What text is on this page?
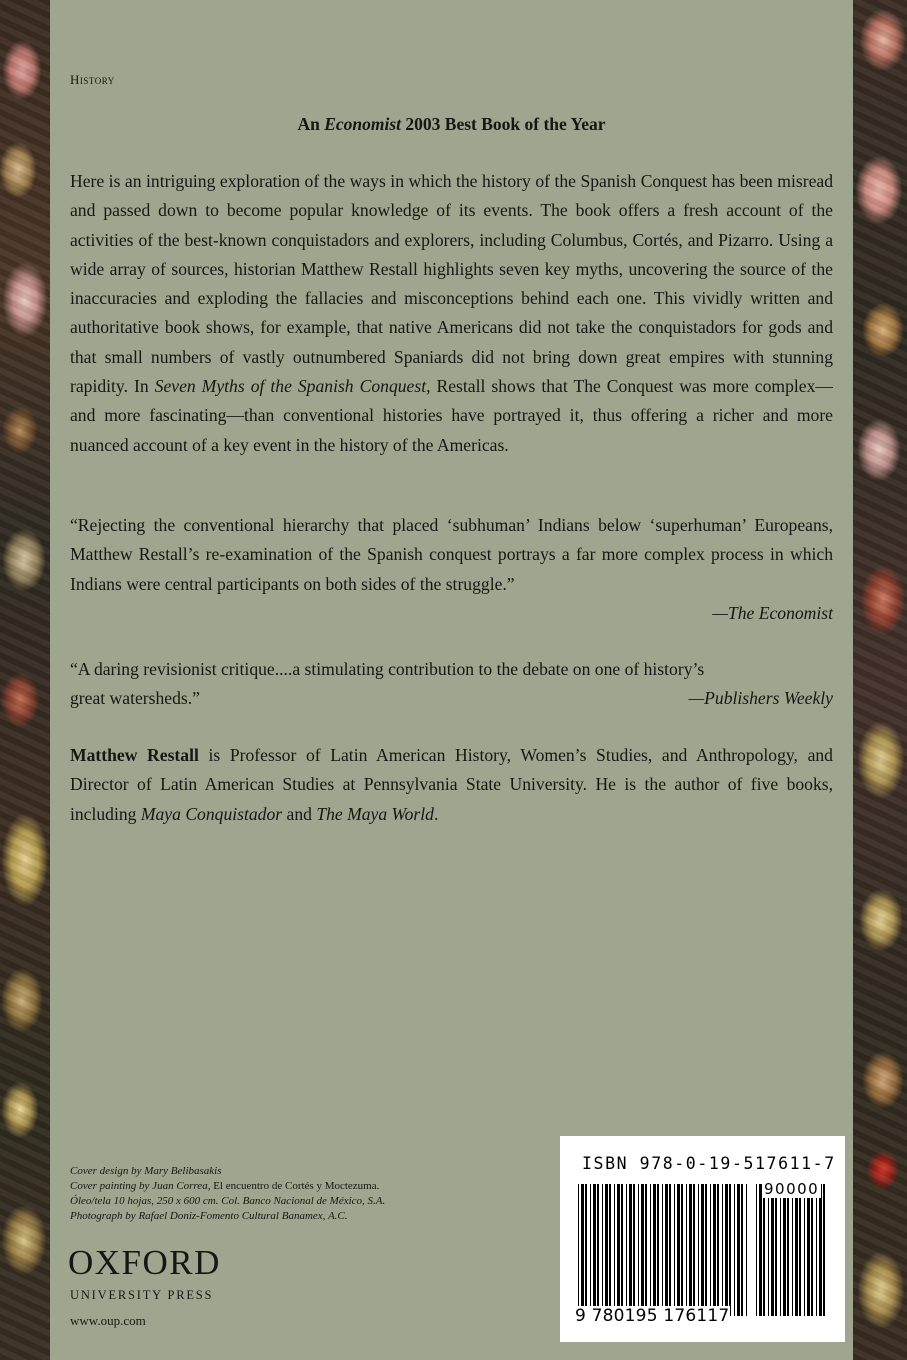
History
An Economist 2003 Best Book of the Year
Here is an intriguing exploration of the ways in which the history of the Spanish Conquest has been misread and passed down to become popular knowledge of its events. The book offers a fresh account of the activities of the best-known conquistadors and explorers, including Columbus, Cortés, and Pizarro. Using a wide array of sources, historian Matthew Restall highlights seven key myths, uncovering the source of the inaccuracies and exploding the fallacies and misconceptions behind each one. This vividly written and authoritative book shows, for example, that native Americans did not take the conquistadors for gods and that small numbers of vastly outnumbered Spaniards did not bring down great empires with stunning rapidity. In Seven Myths of the Spanish Conquest, Restall shows that The Conquest was more complex—and more fascinating—than conventional histories have portrayed it, thus offering a richer and more nuanced account of a key event in the history of the Americas.
“Rejecting the conventional hierarchy that placed ‘subhuman’ Indians below ‘superhuman’ Europeans, Matthew Restall’s re-examination of the Spanish conquest portrays a far more complex process in which Indians were central participants on both sides of the struggle.”
—The Economist
“A daring revisionist critique....a stimulating contribution to the debate on one of history’s
great watersheds.”	—Publishers Weekly
Matthew Restall is Professor of Latin American History, Women’s Studies, and Anthropology, and Director of Latin American Studies at Pennsylvania State University. He is the author of five books, including Maya Conquistador and The Maya World.
Cover design by Mary Belibasakis
Cover painting by Juan Correa, El encuentro de Cortés y Moctezuma.
Óleo/tela 10 hojas, 250 x 600 cm. Col. Banco Nacional de México, S.A.
Photograph by Rafael Doniz-Fomento Cultural Banamex, A.C.
OXFORD
UNIVERSITY PRESS
www.oup.com
ISBN 978-0-19-517611-7
90000
9 780195 176117
